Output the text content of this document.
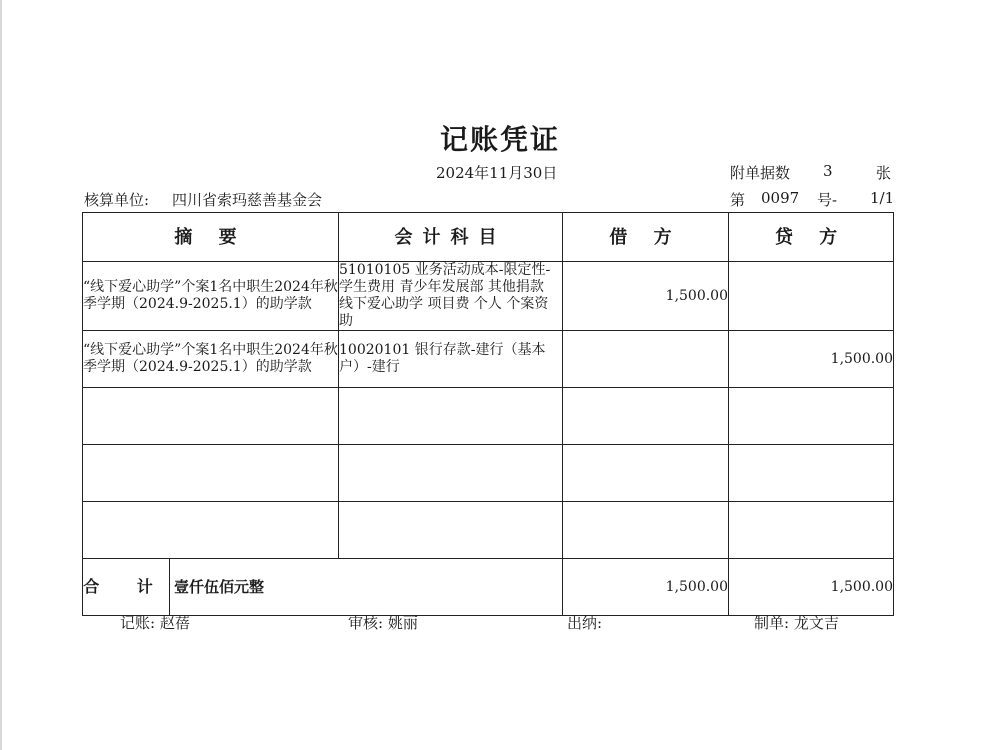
记账凭证
2024年11月30日	附单据数 3	张
核算单位: 四川省索玛慈善基金会	第 0097 号- 1/1
摘 要	会计科目	借 方	贷 方
“线下爱心助学”个案1名中职生2024年秋季学期（2024.9-2025.1）的助学款	51010105 业务活动成本-限定性-学生费用 青少年发展部 其他捐款 线下爱心助学 项目费 个人 个案资助	1,500.00	
“线下爱心助学”个案1名中职生2024年秋季学期（2024.9-2025.1）的助学款	10020101 银行存款-建行（基本户）-建行		1,500.00

合 计 壹仟伍佰元整		1,500.00	1,500.00
记账: 赵蓓	审核: 姚丽	出纳:	制单: 龙文吉
